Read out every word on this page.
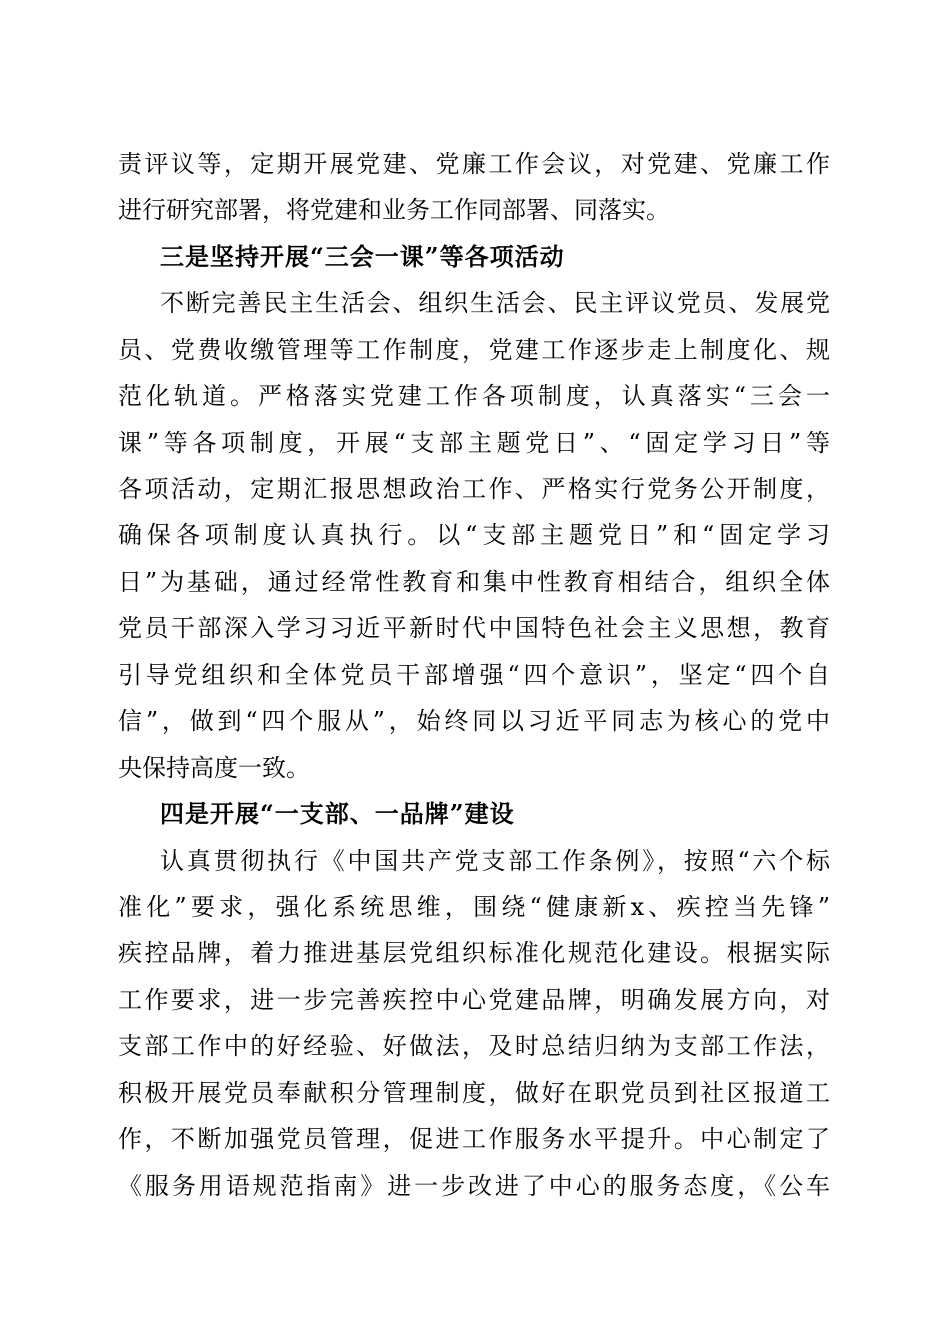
责评议等，定期开展党建、党廉工作会议，对党建、党廉工作
进行研究部署，将党建和业务工作同部署、同落实。
三是坚持开展“三会一课”等各项活动
不断完善民主生活会、组织生活会、民主评议党员、发展党
员、党费收缴管理等工作制度，党建工作逐步走上制度化、规
范化轨道。严格落实党建工作各项制度，认真落实“三会一
课”等各项制度，开展“支部主题党日”、“固定学习日”等
各项活动，定期汇报思想政治工作、严格实行党务公开制度，
确保各项制度认真执行。以“支部主题党日”和“固定学习
日”为基础，通过经常性教育和集中性教育相结合，组织全体
党员干部深入学习习近平新时代中国特色社会主义思想，教育
引导党组织和全体党员干部增强“四个意识”，坚定“四个自
信”，做到“四个服从”，始终同以习近平同志为核心的党中
央保持高度一致。
四是开展“一支部、一品牌”建设
认真贯彻执行《中国共产党支部工作条例》，按照“六个标
准化”要求，强化系统思维，围绕“健康新x、疾控当先锋”
疾控品牌，着力推进基层党组织标准化规范化建设。根据实际
工作要求，进一步完善疾控中心党建品牌，明确发展方向，对
支部工作中的好经验、好做法，及时总结归纳为支部工作法，
积极开展党员奉献积分管理制度，做好在职党员到社区报道工
作，不断加强党员管理，促进工作服务水平提升。中心制定了
《服务用语规范指南》进一步改进了中心的服务态度，《公车
